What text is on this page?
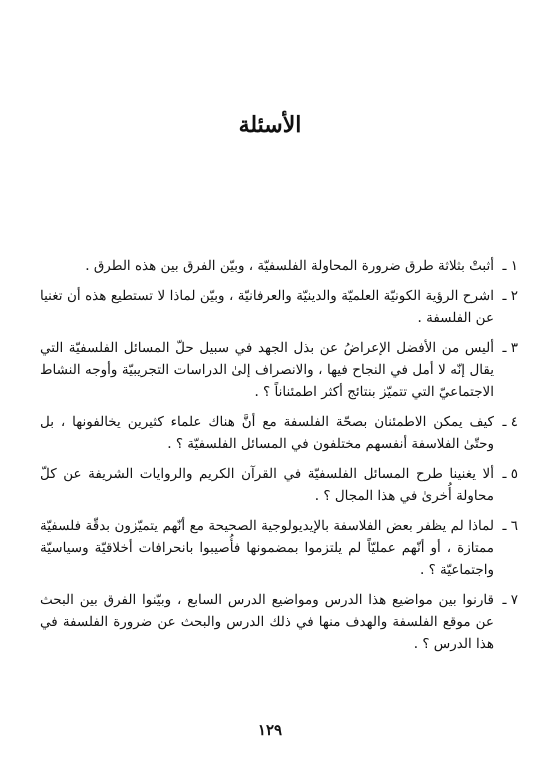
الأسئلة
١ ـ
أثبتْ بثلاثة طرق ضرورة المحاولة الفلسفيّة ، وبيّن الفرق بين هذه الطرق .
٢ ـ
اشرح الرؤية الكونيّة العلميّة والدينيّة والعرفانيّة ، وبيّن لماذا لا تستطيع هذه أن تغنيا عن الفلسفة .
٣ ـ
أليس من الأفضل الإعراضُ عن بذل الجهد في سبيل حلّ المسائل الفلسفيّة التي يقال إنّه لا أمل في النجاح فيها ، والانصراف إلىٰ الدراسات التجريبيّة وأوجه النشاط الاجتماعيّ التي تتميّز بنتائج أكثر اطمئناناً ؟ .
٤ ـ
كيف يمكن الاطمئنان بصحّة الفلسفة مع أنَّ هناك علماء كثيرين يخالفونها ، بل وحتّىٰ الفلاسفة أنفسهم مختلفون في المسائل الفلسفيّة ؟ .
٥ ـ
ألا يغنينا طرح المسائل الفلسفيّة في القرآن الكريم والروايات الشريفة عن كلّ محاولة أُخرىٰ في هذا المجال ؟ .
٦ ـ
لماذا لم يظفر بعض الفلاسفة بالإيديولوجية الصحيحة مع أنّهم يتميّزون بدقّة فلسفيّة ممتازة ، أو أنّهم عمليّاً لم يلتزموا بمضمونها فأُصيبوا بانحرافات أخلاقيّة وسياسيّة واجتماعيّة ؟ .
٧ ـ
قارنوا بين مواضيع هذا الدرس ومواضيع الدرس السابع ، وبيّنوا الفرق بين البحث عن موقع الفلسفة والهدف منها في ذلك الدرس والبحث عن ضرورة الفلسفة في هذا الدرس ؟ .
١٢٩
